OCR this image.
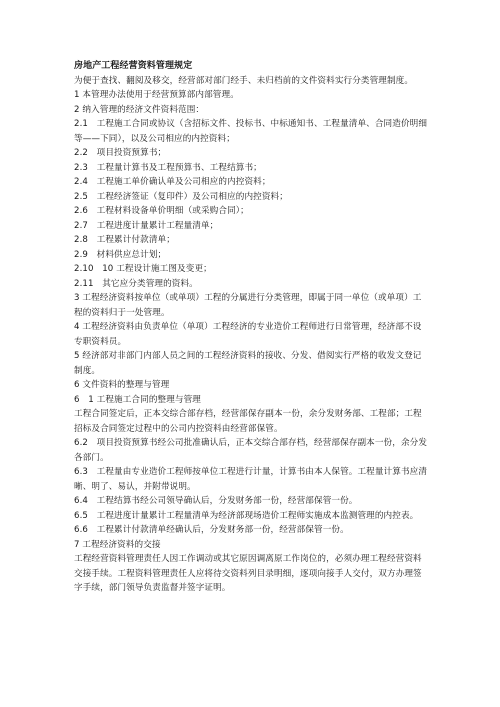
房地产工程经营资料管理规定

为便于查找、翻阅及移交，经营部对部门经手、未归档前的文件资料实行分类管理制度。

1 本管理办法使用于经营预算部内部管理。

2 纳入管理的经济文件资料范围：

2.1　工程施工合同或协议（含招标文件、投标书、中标通知书、工程量清单、合同造价明细等——下同），以及公司相应的内控资料；

2.2　项目投资预算书；

2.3　工程量计算书及工程预算书、工程结算书；

2.4　工程施工单价确认单及公司相应的内控资料；

2.5　工程经济签证（复印件）及公司相应的内控资料；

2.6　工程材料设备单价明细（或采购合同）；

2.7　工程进度计量累计工程量清单；

2.8　工程累计付款清单；

2.9　材料供应总计划；

2.10　10 工程设计施工图及变更；

2.11　其它应分类管理的资料。

3 工程经济资料按单位（或单项）工程的分属进行分类管理，即属于同一单位（或单项）工程的资料归于一处管理。

4 工程经济资料由负责单位（单项）工程经济的专业造价工程师进行日常管理，经济部不设专职资料员。

5 经济部对非部门内部人员之间的工程经济资料的接收、分发、借阅实行严格的收发文登记制度。

6 文件资料的整理与管理

6　1 工程施工合同的整理与管理

工程合同签定后，正本交综合部存档，经营部保存副本一份，余分发财务部、工程部；工程招标及合同签定过程中的公司内控资料由经营部保管。

6.2　项目投资预算书经公司批准确认后，正本交综合部存档，经营部保存副本一份，余分发各部门。

6.3　工程量由专业造价工程师按单位工程进行计量，计算书由本人保管。工程量计算书应清晰、明了、易认，并附带说明。

6.4　工程结算书经公司领导确认后，分发财务部一份，经营部保管一份。

6.5　工程进度计量累计工程量清单为经济部现场造价工程师实施成本监测管理的内控表。

6.6　工程累计付款清单经确认后，分发财务部一份，经营部保管一份。

7 工程经济资料的交接

工程经营资料管理责任人因工作调动或其它原因调离原工作岗位的，必须办理工程经营资料交接手续。工程资料管理责任人应将待交资料列目录明细，逐项向接手人交付，双方办理签字手续，部门领导负责监督并签字证明。
